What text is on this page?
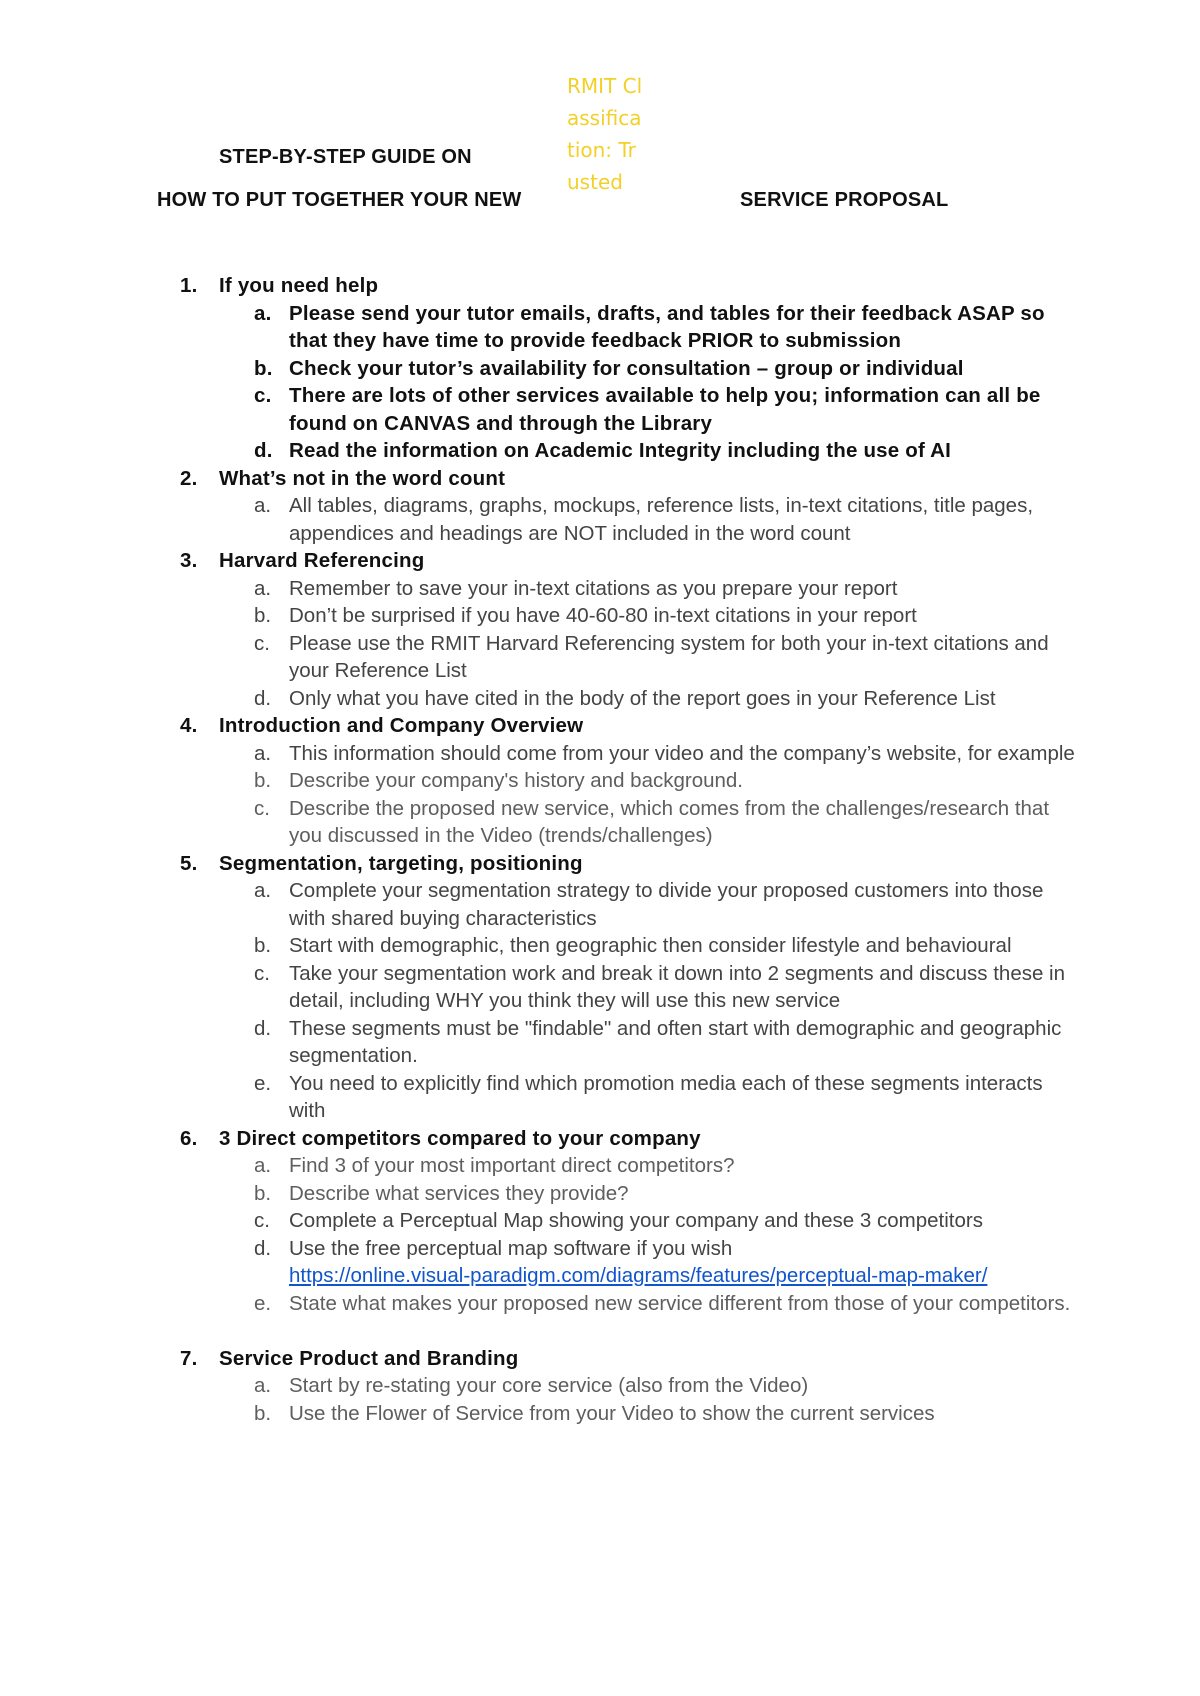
RMIT Classification: Trusted
STEP-BY-STEP GUIDE ON
HOW TO PUT TOGETHER YOUR NEW	SERVICE PROPOSAL
1.	If you need help
a. Please send your tutor emails, drafts, and tables for their feedback ASAP so that they have time to provide feedback PRIOR to submission
b. Check your tutor’s availability for consultation – group or individual
c. There are lots of other services available to help you; information can all be found on CANVAS and through the Library
d. Read the information on Academic Integrity including the use of AI
2.	What’s not in the word count
a. All tables, diagrams, graphs, mockups, reference lists, in-text citations, title pages, appendices and headings are NOT included in the word count
3.	Harvard Referencing
a. Remember to save your in-text citations as you prepare your report
b. Don’t be surprised if you have 40-60-80 in-text citations in your report
c. Please use the RMIT Harvard Referencing system for both your in-text citations and your Reference List
d. Only what you have cited in the body of the report goes in your Reference List
4.	Introduction and Company Overview
a. This information should come from your video and the company’s website, for example
b. Describe your company's history and background.
c. Describe the proposed new service, which comes from the challenges/research that you discussed in the Video (trends/challenges)
5.	Segmentation, targeting, positioning
a. Complete your segmentation strategy to divide your proposed customers into those with shared buying characteristics
b. Start with demographic, then geographic then consider lifestyle and behavioural
c. Take your segmentation work and break it down into 2 segments and discuss these in detail, including WHY you think they will use this new service
d. These segments must be "findable" and often start with demographic and geographic segmentation.
e. You need to explicitly find which promotion media each of these segments interacts with
6.	3 Direct competitors compared to your company
a. Find 3 of your most important direct competitors?
b. Describe what services they provide?
c. Complete a Perceptual Map showing your company and these 3 competitors
d. Use the free perceptual map software if you wish
https://online.visual-paradigm.com/diagrams/features/perceptual-map-maker/
e. State what makes your proposed new service different from those of your competitors.
7.	Service Product and Branding
a. Start by re-stating your core service (also from the Video)
b. Use the Flower of Service from your Video to show the current services
